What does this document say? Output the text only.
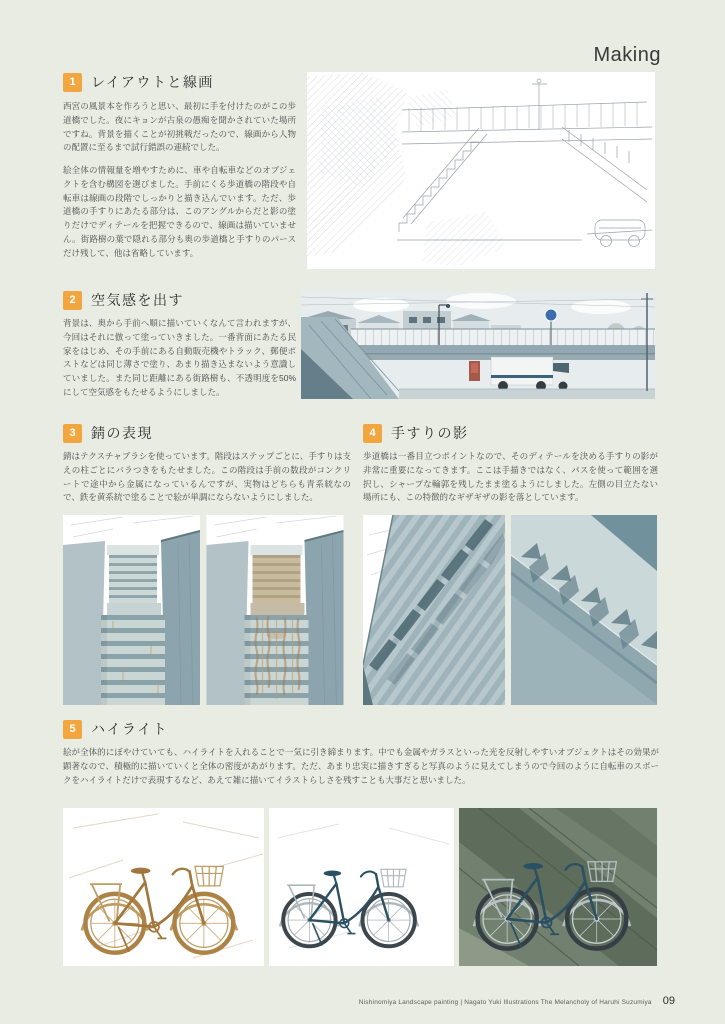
Making
1	レイアウトと線画

西宮の風景本を作ろうと思い、最初に手を付けたのがこの歩道橋でした。夜にキョンが古泉の愚痴を聞かされていた場所ですね。背景を描くことが初挑戦だったので、線画から人物の配置に至るまで試行錯誤の連続でした。

絵全体の情報量を増やすために、車や自転車などのオブジェクトを含む構図を選びました。手前にくる歩道橋の階段や自転車は線画の段階でしっかりと描き込んでいます。ただ、歩道橋の手すりにあたる部分は、このアングルからだと影の塗りだけでディテールを把握できるので、線画は描いていません。街路樹の葉で隠れる部分も奥の歩道橋と手すりのパースだけ残して、他は省略しています。

2	空気感を出す

背景は、奥から手前へ順に描いていくなんて言われますが、今回はそれに倣って塗っていきました。一番背面にあたる民家をはじめ、その手前にある自動販売機やトラック、郵便ポストなどは同じ薄さで塗り、あまり描き込まないよう意識していました。また同じ距離にある街路樹も、不透明度を50%にして空気感をもたせるようにしました。

3	錆の表現

錆はテクスチャブラシを使っています。階段はステップごとに、手すりは支えの柱ごとにバラつきをもたせました。この階段は手前の数段がコンクリートで途中から金属になっているんですが、実物はどちらも青系統なので、鉄を黄系統で塗ることで絵が単調にならないようにしました。

4	手すりの影

歩道橋は一番目立つポイントなので、そのディテールを決める手すりの影が非常に重要になってきます。ここは手描きではなく、パスを使って範囲を選択し、シャープな輪郭を残したまま塗るようにしました。左側の目立たない場所にも、この特徴的なギザギザの影を落としています。

5	ハイライト

絵が全体的にぼやけていても、ハイライトを入れることで一気に引き締まります。中でも金属やガラスといった光を反射しやすいオブジェクトはその効果が顕著なので、積極的に描いていくと全体の密度があがります。ただ、あまり忠実に描きすぎると写真のように見えてしまうので今回のように自転車のスポークをハイライトだけで表現するなど、あえて雑に描いてイラストらしさを残すことも大事だと思いました。

Nishinomiya Landscape painting | Nagato Yuki Illustrations The Melancholy of Haruhi Suzumiya 09
